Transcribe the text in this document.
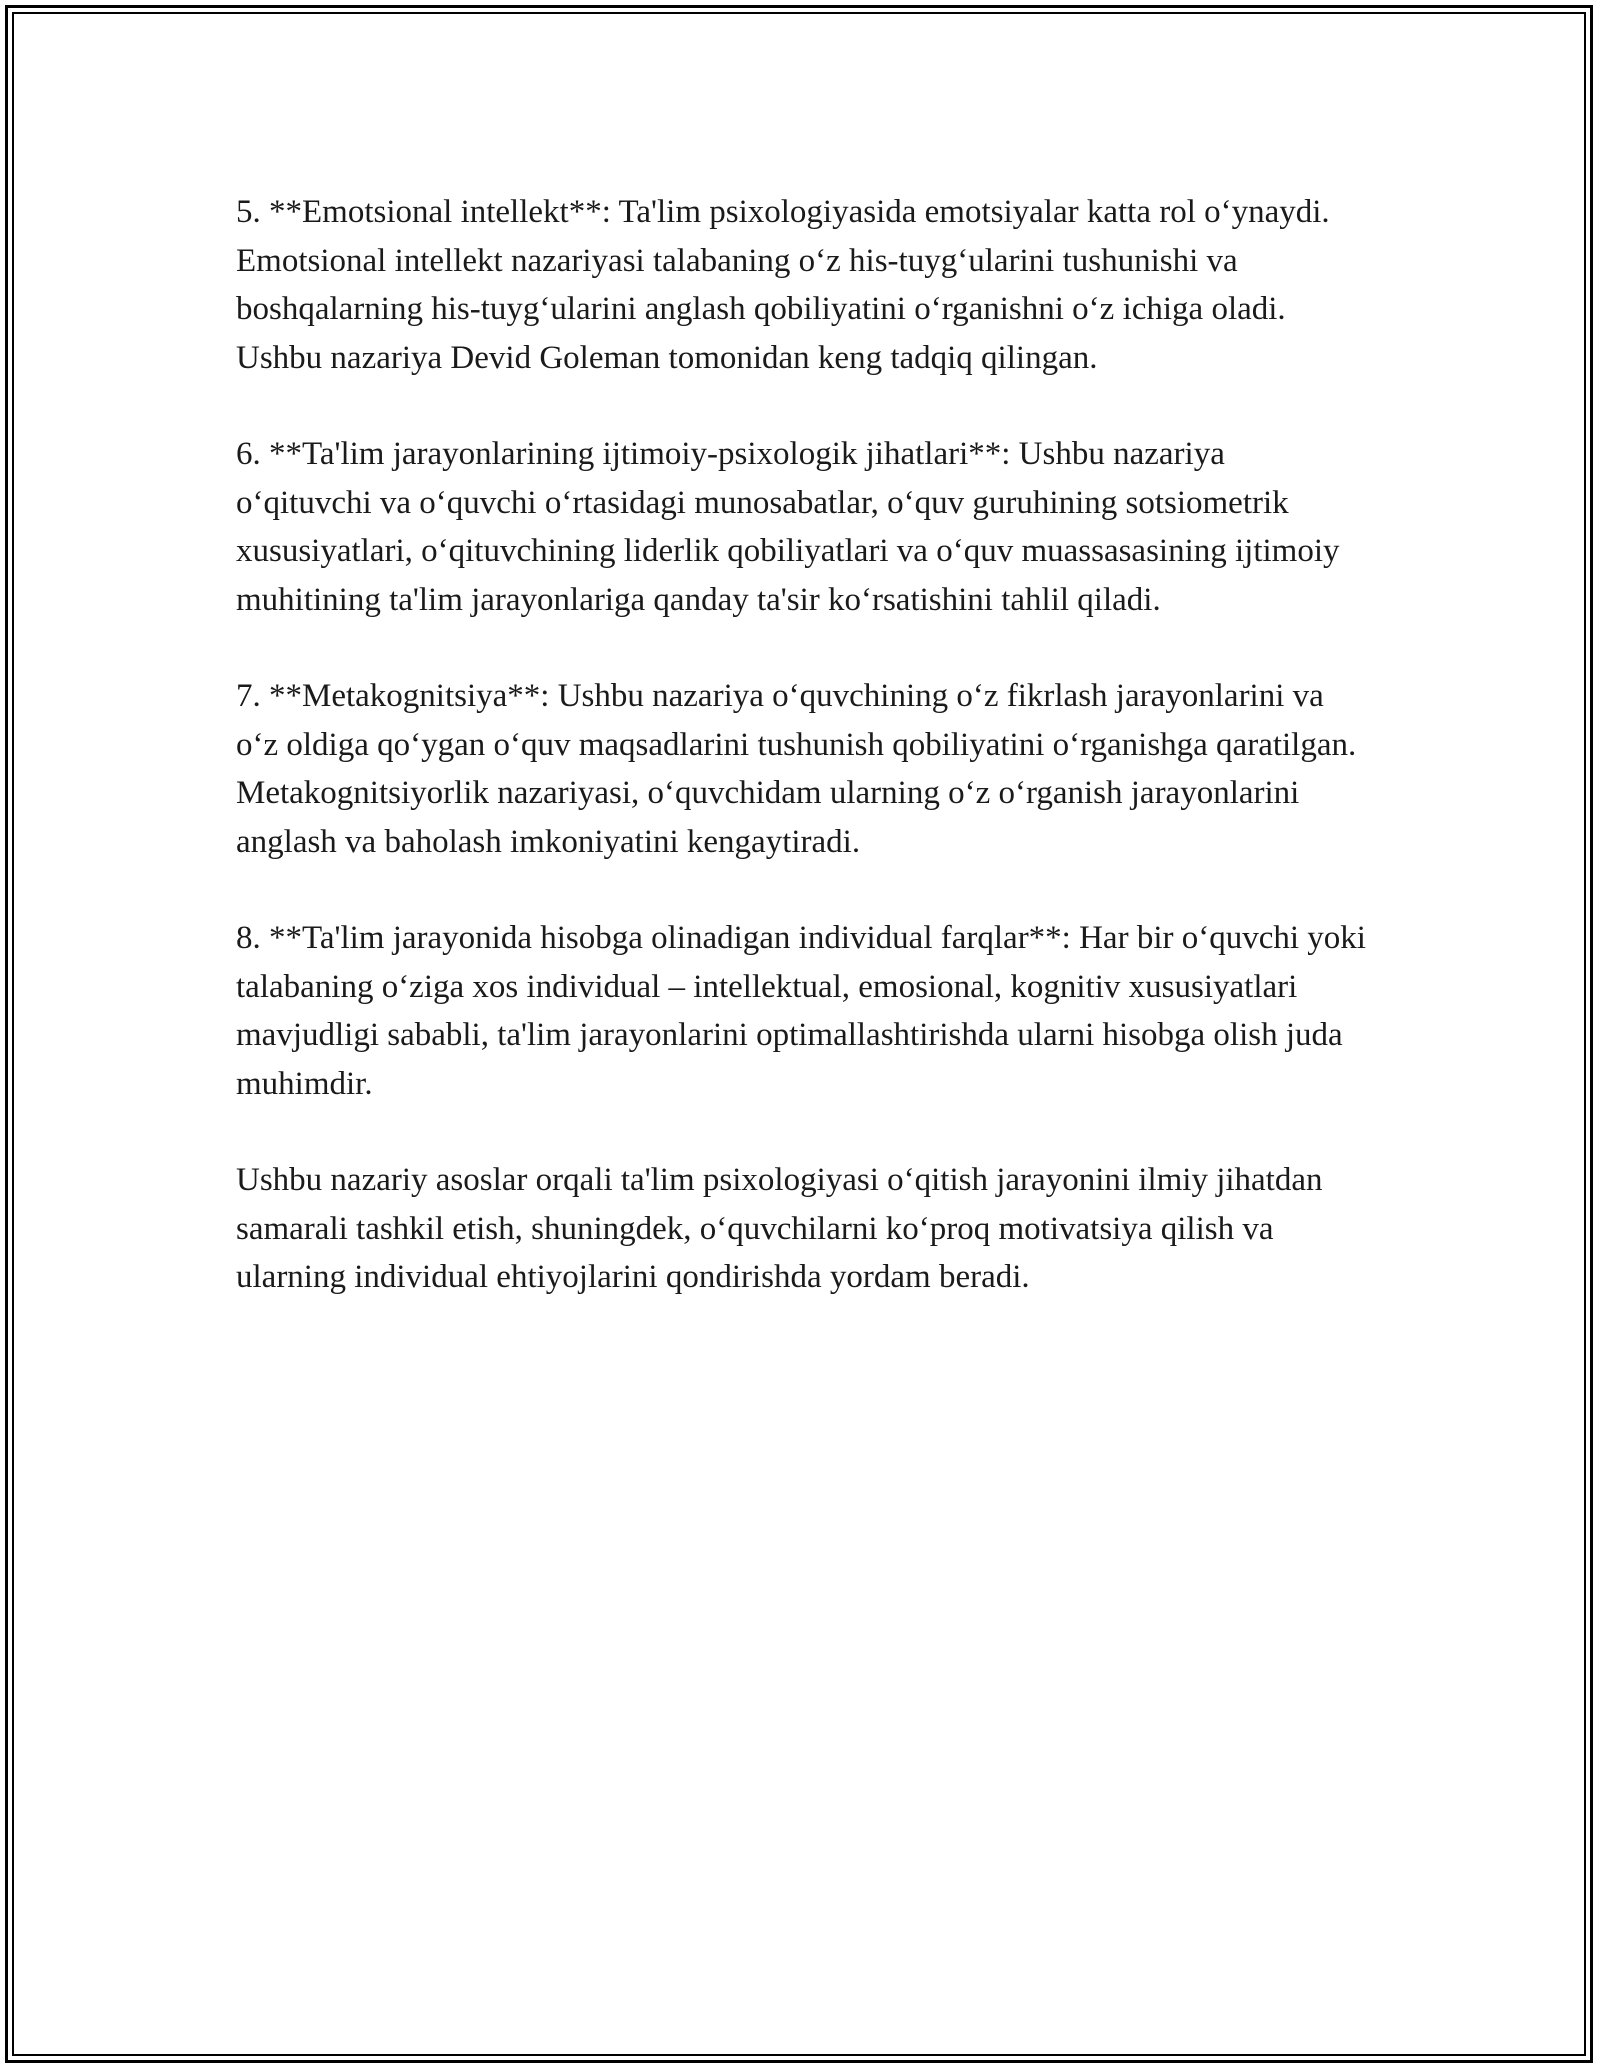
5. **Emotsional intellekt**: Ta'lim psixologiyasida emotsiyalar katta rol oʻynaydi. Emotsional intellekt nazariyasi talabaning oʻz his-tuygʻularini tushunishi va boshqalarning his-tuygʻularini anglash qobiliyatini oʻrganishni oʻz ichiga oladi. Ushbu nazariya Devid Goleman tomonidan keng tadqiq qilingan.

6. **Ta'lim jarayonlarining ijtimoiy-psixologik jihatlari**: Ushbu nazariya oʻqituvchi va oʻquvchi oʻrtasidagi munosabatlar, oʻquv guruhining sotsiometrik xususiyatlari, oʻqituvchining liderlik qobiliyatlari va oʻquv muassasasining ijtimoiy muhitining ta'lim jarayonlariga qanday ta'sir koʻrsatishini tahlil qiladi.

7. **Metakognitsiya**: Ushbu nazariya oʻquvchining oʻz fikrlash jarayonlarini va oʻz oldiga qoʻygan oʻquv maqsadlarini tushunish qobiliyatini oʻrganishga qaratilgan. Metakognitsiyorlik nazariyasi, oʻquvchidam ularning oʻz oʻrganish jarayonlarini anglash va baholash imkoniyatini kengaytiradi.

8. **Ta'lim jarayonida hisobga olinadigan individual farqlar**: Har bir oʻquvchi yoki talabaning oʻziga xos individual – intellektual, emosional, kognitiv xususiyatlari mavjudligi sababli, ta'lim jarayonlarini optimallashtirishda ularni hisobga olish juda muhimdir.

Ushbu nazariy asoslar orqali ta'lim psixologiyasi oʻqitish jarayonini ilmiy jihatdan samarali tashkil etish, shuningdek, oʻquvchilarni koʻproq motivatsiya qilish va ularning individual ehtiyojlarini qondirishda yordam beradi.
